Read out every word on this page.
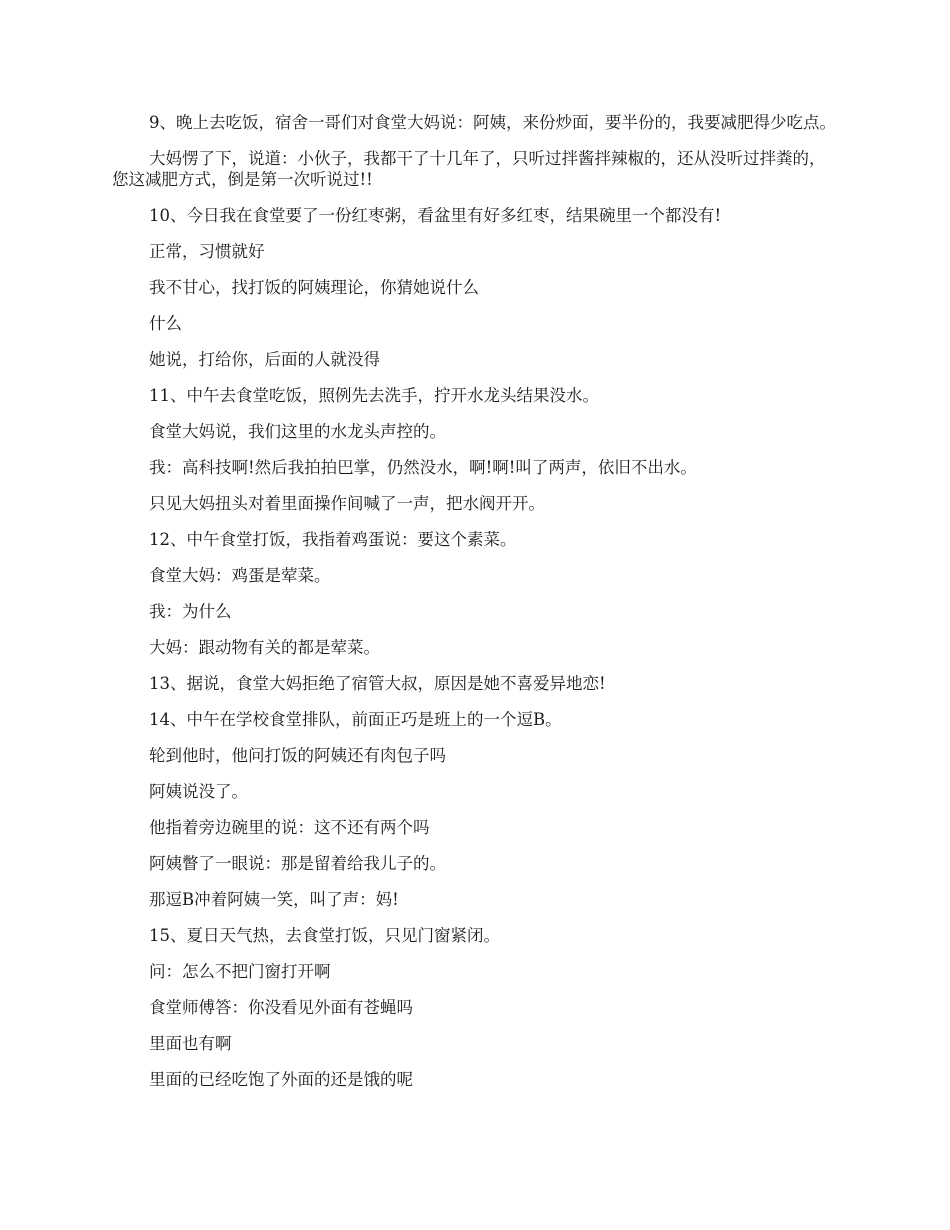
9、晚上去吃饭，宿舍一哥们对食堂大妈说：阿姨，来份炒面，要半份的，我要减肥得少吃点。

大妈愣了下，说道：小伙子，我都干了十几年了，只听过拌酱拌辣椒的，还从没听过拌粪的，您这减肥方式，倒是第一次听说过!!

10、今日我在食堂要了一份红枣粥，看盆里有好多红枣，结果碗里一个都没有!

正常，习惯就好

我不甘心，找打饭的阿姨理论，你猜她说什么

什么

她说，打给你，后面的人就没得

11、中午去食堂吃饭，照例先去洗手，拧开水龙头结果没水。

食堂大妈说，我们这里的水龙头声控的。

我：高科技啊!然后我拍拍巴掌，仍然没水，啊!啊!叫了两声，依旧不出水。

只见大妈扭头对着里面操作间喊了一声，把水阀开开。

12、中午食堂打饭，我指着鸡蛋说：要这个素菜。

食堂大妈：鸡蛋是荤菜。

我：为什么

大妈：跟动物有关的都是荤菜。

13、据说，食堂大妈拒绝了宿管大叔，原因是她不喜爱异地恋!

14、中午在学校食堂排队，前面正巧是班上的一个逗B。

轮到他时，他问打饭的阿姨还有肉包子吗

阿姨说没了。

他指着旁边碗里的说：这不还有两个吗

阿姨瞥了一眼说：那是留着给我儿子的。

那逗B冲着阿姨一笑，叫了声：妈!

15、夏日天气热，去食堂打饭，只见门窗紧闭。

问：怎么不把门窗打开啊

食堂师傅答：你没看见外面有苍蝇吗

里面也有啊

里面的已经吃饱了外面的还是饿的呢
